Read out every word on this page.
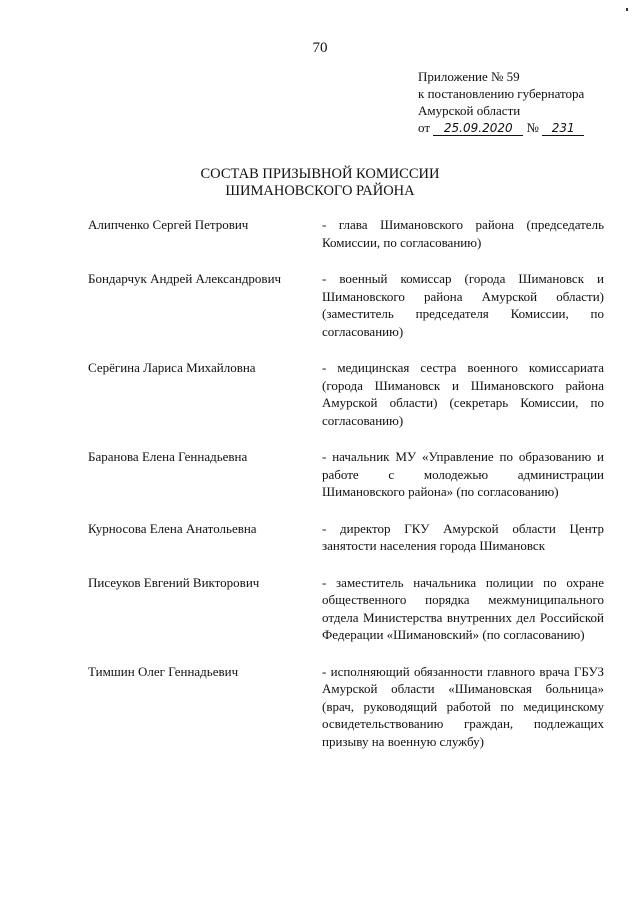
70
Приложение № 59
к постановлению губернатора
Амурской области
от 25.09.2020 № 231
СОСТАВ ПРИЗЫВНОЙ КОМИССИИ
ШИМАНОВСКОГО РАЙОНА
Алипченко Сергей Петрович	- глава Шимановского района (председатель Комиссии, по согласованию)
Бондарчук Андрей Александрович	- военный комиссар (города Шимановск и Шимановского района Амурской области) (заместитель председателя Комиссии, по согласованию)
Серёгина Лариса Михайловна	- медицинская сестра военного комиссариата (города Шимановск и Шимановского района Амурской области) (секретарь Комиссии, по согласованию)
Баранова Елена Геннадьевна	- начальник МУ «Управление по образованию и работе с молодежью администрации Шимановского района» (по согласованию)
Курносова Елена Анатольевна	- директор ГКУ Амурской области Центр занятости населения города Шимановск
Писеуков Евгений Викторович	- заместитель начальника полиции по охране общественного порядка межмуниципального отдела Министерства внутренних дел Российской Федерации «Шимановский» (по согласованию)
Тимшин Олег Геннадьевич	- исполняющий обязанности главного врача ГБУЗ Амурской области «Шимановская больница» (врач, руководящий работой по медицинскому освидетельствованию граждан, подлежащих призыву на военную службу)
